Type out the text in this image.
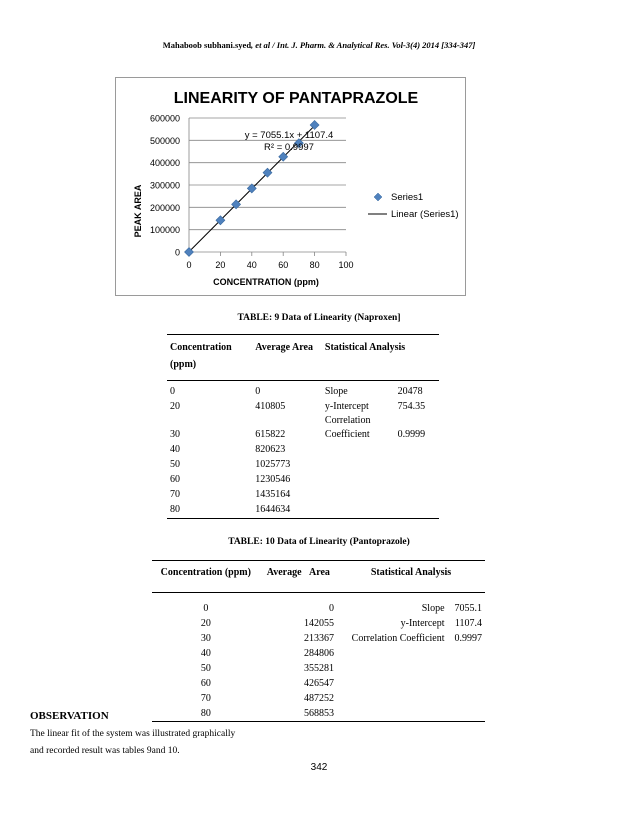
Mahaboob subhani.syed, et al / Int. J. Pharm. & Analytical Res. Vol-3(4) 2014 [334-347]
LINEARITY OF PANTAPRAZOLE
0
100000
200000
300000
400000
500000
600000
0	20 40 60 80 100
y = 7055.1x + 1107.4
R² = 0.9997
CONCENTRATION (ppm)
PEAK AREA	Series1
Linear (Series1)
TABLE: 9 Data of Linearity (Naproxen]
Concentration (ppm)	Average Area	Statistical Analysis	
0	0	Slope	20478
20	410805	y-Intercept Correlation	754.35
30	615822	Coefficient	0.9999
40	820623		
50	1025773		
60	1230546		
70	1435164		
80	1644634		
TABLE: 10 Data of Linearity (Pantoprazole)
Concentration (ppm)	Average Area	Statistical Analysis	
0	0	Slope	7055.1
20	142055	y-Intercept	1107.4
30	213367	Correlation Coefficient	0.9997
40	284806		
50	355281		
60	426547		
70	487252		
80	568853		
OBSERVATION
The linear fit of the system was illustrated graphically
and recorded result was tables 9and 10.
342
